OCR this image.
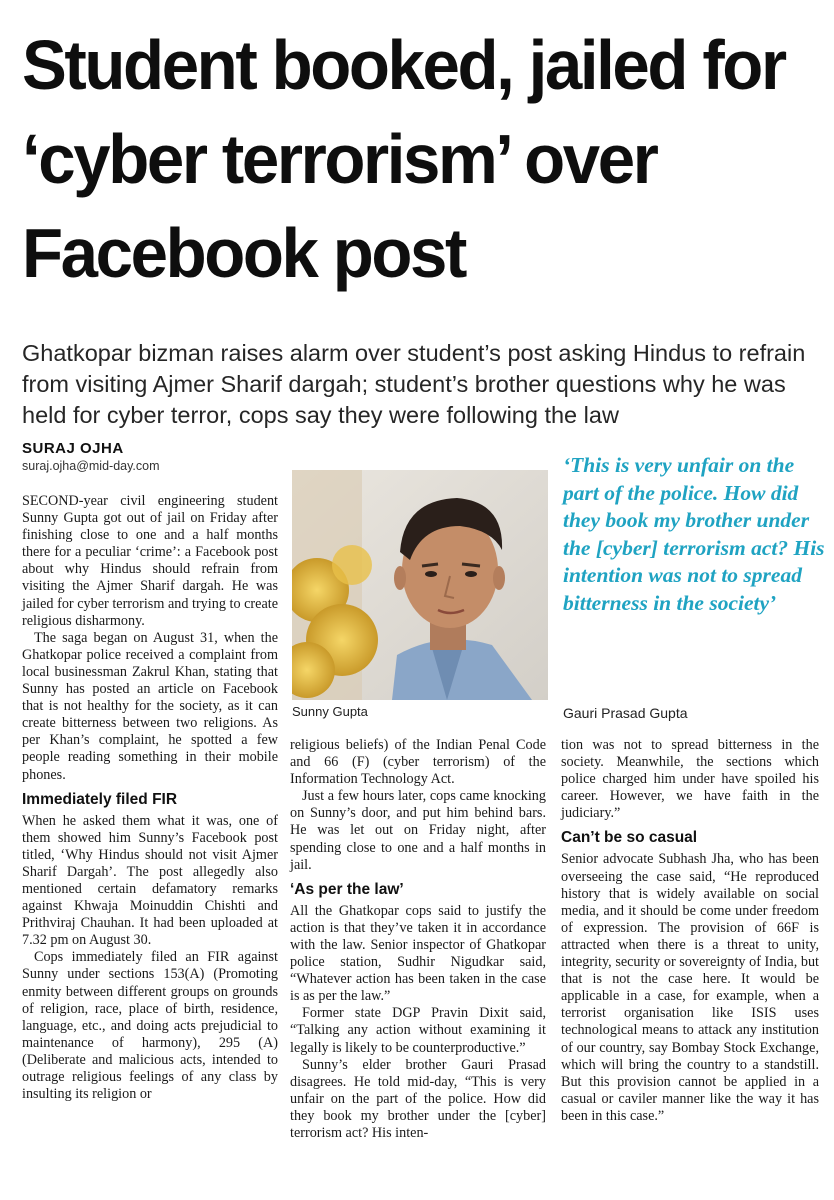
Student booked, jailed for ‘cyber terrorism’ over Facebook post

Ghatkopar bizman raises alarm over student’s post asking Hindus to refrain from visiting Ajmer Sharif dargah; student’s brother questions why he was held for cyber terror, cops say they were following the law

SURAJ OJHA
suraj.ojha@mid-day.com

SECOND-year civil engineering student Sunny Gupta got out of jail on Friday after finishing close to one and a half months there for a peculiar ‘crime’: a Facebook post about why Hindus should refrain from visiting the Ajmer Sharif dargah. He was jailed for cyber terrorism and trying to create religious disharmony.

The saga began on August 31, when the Ghatkopar police received a complaint from local businessman Zakrul Khan, stating that Sunny has posted an article on Facebook that is not healthy for the society, as it can create bitterness between two religions. As per Khan’s complaint, he spotted a few people reading something in their mobile phones.

Immediately filed FIR

When he asked them what it was, one of them showed him Sunny’s Facebook post titled, ‘Why Hindus should not visit Ajmer Sharif Dargah’. The post allegedly also mentioned certain defamatory remarks against Khwaja Moinuddin Chishti and Prithviraj Chauhan. It had been uploaded at 7.32 pm on August 30.

Cops immediately filed an FIR against Sunny under sections 153(A) (Promoting enmity between different groups on grounds of religion, race, place of birth, residence, language, etc., and doing acts prejudicial to maintenance of harmony), 295 (A) (Deliberate and malicious acts, intended to outrage religious feelings of any class by insulting its religion or

Sunny Gupta
‘This is very unfair on the part of the police. How did they book my brother under the [cyber] terrorism act? His intention was not to spread bitterness in the society’
Gauri Prasad Gupta

religious beliefs) of the Indian Penal Code and 66 (F) (cyber terrorism) of the Information Technology Act.

Just a few hours later, cops came knocking on Sunny’s door, and put him behind bars. He was let out on Friday night, after spending close to one and a half months in jail.

‘As per the law’

All the Ghatkopar cops said to justify the action is that they’ve taken it in accordance with the law. Senior inspector of Ghatkopar police station, Sudhir Nigudkar said, “Whatever action has been taken in the case is as per the law.”

Former state DGP Pravin Dixit said, “Talking any action without examining it legally is likely to be counterproductive.”

Sunny’s elder brother Gauri Prasad disagrees. He told mid-day, “This is very unfair on the part of the police. How did they book my brother under the [cyber] terrorism act? His inten-

tion was not to spread bitterness in the society. Meanwhile, the sections which police charged him under have spoiled his career. However, we have faith in the judiciary.”

Can’t be so casual

Senior advocate Subhash Jha, who has been overseeing the case said, “He reproduced history that is widely available on social media, and it should be come under freedom of expression. The provision of 66F is attracted when there is a threat to unity, integrity, security or sovereignty of India, but that is not the case here. It would be applicable in a case, for example, when a terrorist organisation like ISIS uses technological means to attack any institution of our country, say Bombay Stock Exchange, which will bring the country to a standstill. But this provision cannot be applied in a casual or caviler manner like the way it has been in this case.”
